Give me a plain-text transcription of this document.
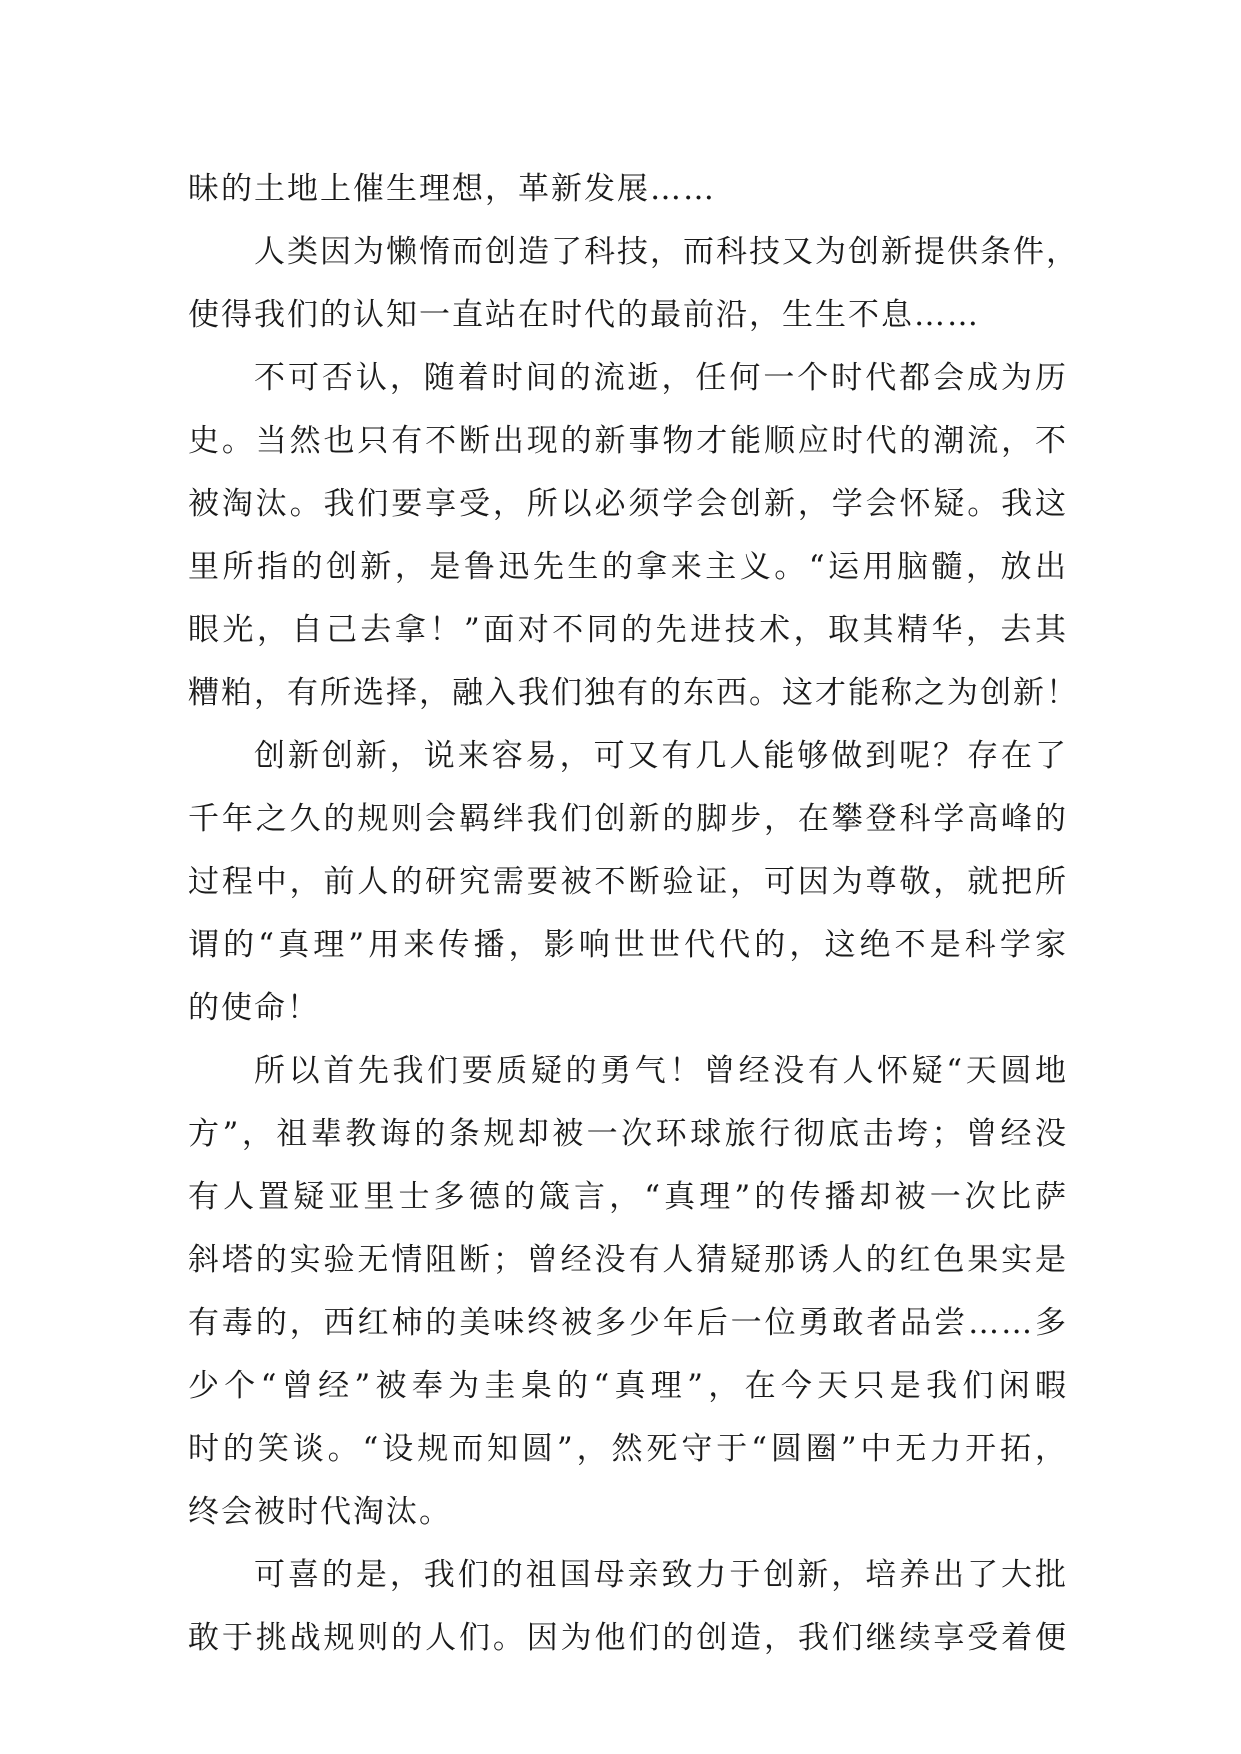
昧的土地上催生理想，革新发展……
人类因为懒惰而创造了科技，而科技又为创新提供条件，
使得我们的认知一直站在时代的最前沿，生生不息……
不可否认，随着时间的流逝，任何一个时代都会成为历
史。当然也只有不断出现的新事物才能顺应时代的潮流，不
被淘汰。我们要享受，所以必须学会创新，学会怀疑。我这
里所指的创新，是鲁迅先生的拿来主义。“运用脑髓，放出
眼光，自己去拿！”面对不同的先进技术，取其精华，去其
糟粕，有所选择，融入我们独有的东西。这才能称之为创新！
创新创新，说来容易，可又有几人能够做到呢？存在了
千年之久的规则会羁绊我们创新的脚步，在攀登科学高峰的
过程中，前人的研究需要被不断验证，可因为尊敬，就把所
谓的“真理”用来传播，影响世世代代的，这绝不是科学家
的使命！
所以首先我们要质疑的勇气！曾经没有人怀疑“天圆地
方”，祖辈教诲的条规却被一次环球旅行彻底击垮；曾经没
有人置疑亚里士多德的箴言，“真理”的传播却被一次比萨
斜塔的实验无情阻断；曾经没有人猜疑那诱人的红色果实是
有毒的，西红柿的美味终被多少年后一位勇敢者品尝……多
少个“曾经”被奉为圭臬的“真理”，在今天只是我们闲暇
时的笑谈。“设规而知圆”，然死守于“圆圈”中无力开拓，
终会被时代淘汰。
可喜的是，我们的祖国母亲致力于创新，培养出了大批
敢于挑战规则的人们。因为他们的创造，我们继续享受着便
